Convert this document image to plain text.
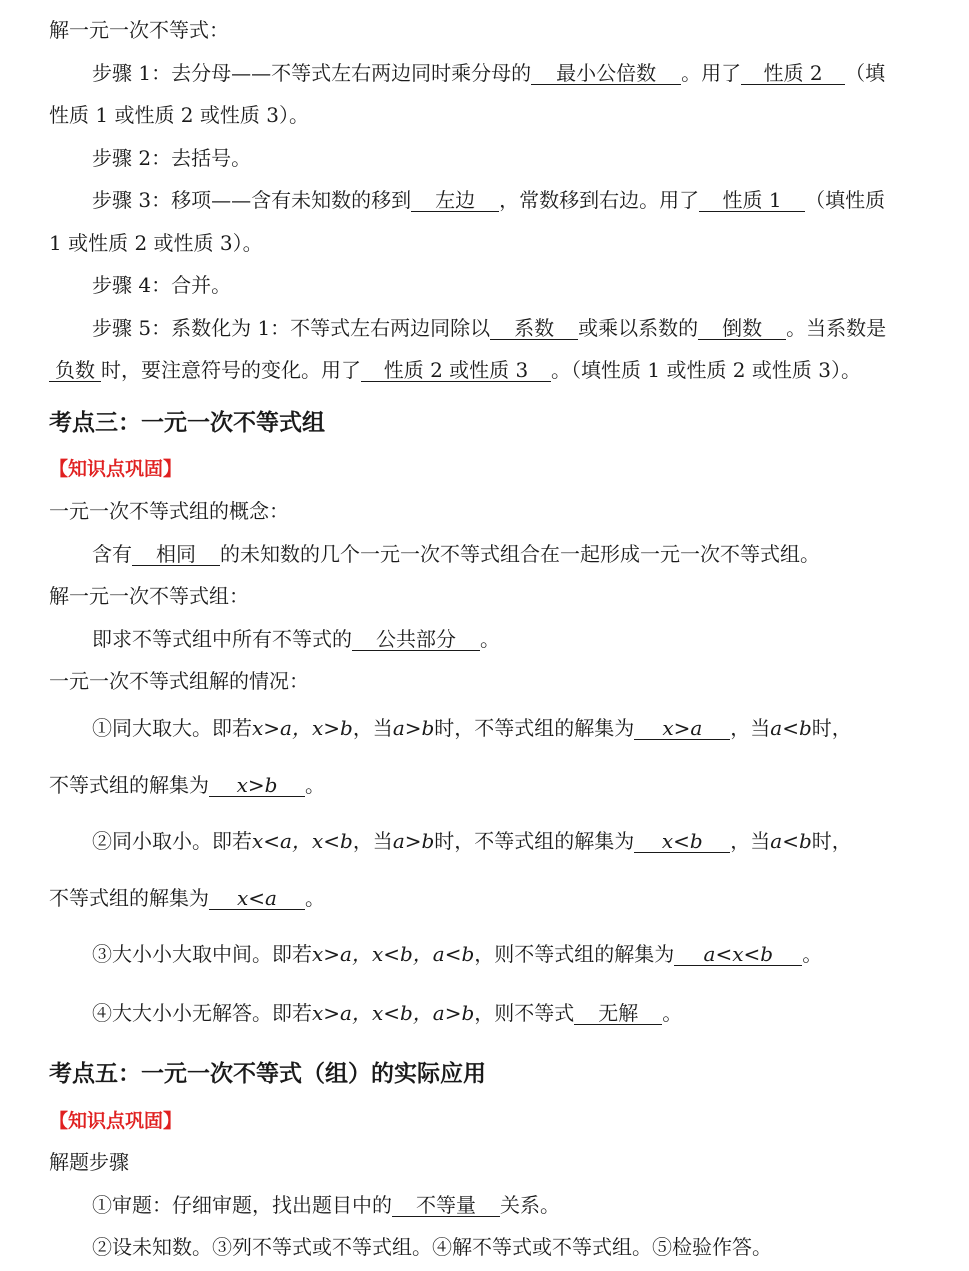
解一元一次不等式：
步骤 1：去分母——不等式左右两边同时乘分母的 最小公倍数 。用了 性质 2 （填
性质 1 或性质 2 或性质 3）。
步骤 2：去括号。
步骤 3：移项——含有未知数的移到 左边 ，常数移到右边。用了 性质 1 （填性质
1 或性质 2 或性质 3）。
步骤 4：合并。
步骤 5：系数化为 1：不等式左右两边同除以 系数 或乘以系数的 倒数 。当系数是
负数 时，要注意符号的变化。用了 性质 2 或性质 3 。（填性质 1 或性质 2 或性质 3）。
考点三：一元一次不等式组
【知识点巩固】
一元一次不等式组的概念：
含有 相同 的未知数的几个一元一次不等式组合在一起形成一元一次不等式组。
解一元一次不等式组：
即求不等式组中所有不等式的 公共部分 。
一元一次不等式组解的情况：
①同大取大。即若x>a，x>b，当a>b时，不等式组的解集为 x>a ，当a<b时，
不等式组的解集为 x>b 。
②同小取小。即若x<a，x<b，当a>b时，不等式组的解集为 x<b ，当a<b时，
不等式组的解集为 x<a 。
③大小小大取中间。即若x>a，x<b，a<b，则不等式组的解集为 a<x<b 。
④大大小小无解答。即若x>a，x<b，a>b，则不等式 无解 。
考点五：一元一次不等式（组）的实际应用
【知识点巩固】
解题步骤
①审题：仔细审题，找出题目中的 不等量 关系。
②设未知数。③列不等式或不等式组。④解不等式或不等式组。⑤检验作答。
